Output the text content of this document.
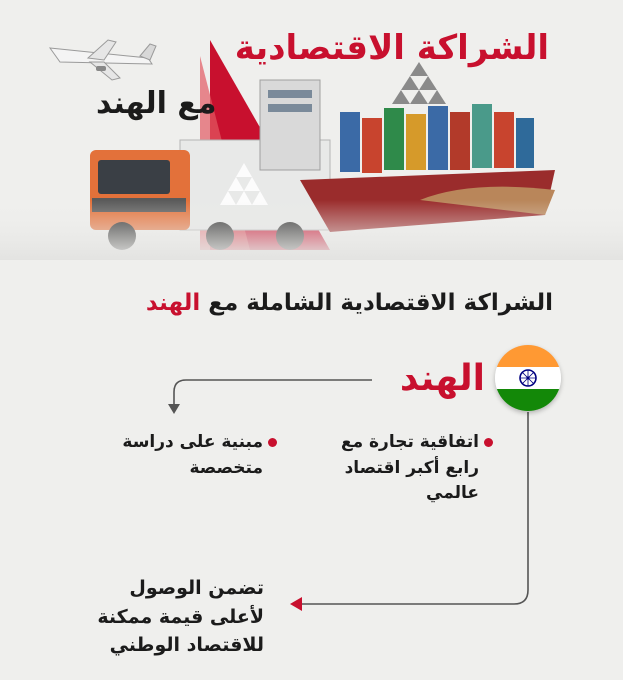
الشراكة الاقتصادية
مع الهند
الشراكة الاقتصادية الشاملة مع الهند
الهند
اتفاقية تجارة مع رابع أكبر اقتصاد عالمي
مبنية على دراسة متخصصة
تضمن الوصول لأعلى قيمة ممكنة للاقتصاد الوطني
